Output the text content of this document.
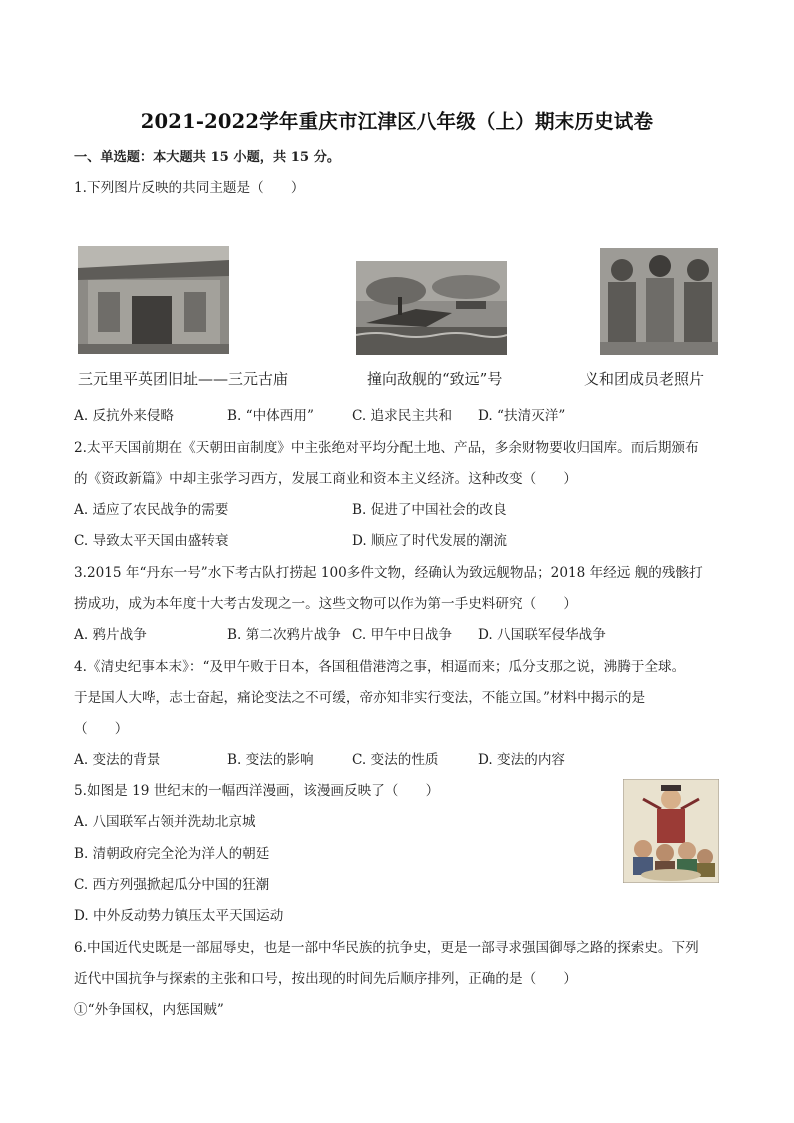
2021-2022学年重庆市江津区八年级（上）期末历史试卷
一、单选题：本大题共 15 小题，共 15 分。
1.下列图片反映的共同主题是（　　）
三元里平英团旧址——三元古庙	撞向敌舰的“致远”号	义和团成员老照片
A. 反抗外来侵略	B. “中体西用”	C. 追求民主共和 D. “扶清灭洋”
2.太平天国前期在《天朝田亩制度》中主张绝对平均分配土地、产品，多余财物要收归国库。而后期颁布
的《资政新篇》中却主张学习西方，发展工商业和资本主义经济。这种改变（　　）
A. 适应了农民战争的需要	B. 促进了中国社会的改良
C. 导致太平天国由盛转衰	D. 顺应了时代发展的潮流
3.2015 年“丹东一号”水下考古队打捞起 100多件文物，经确认为致远舰物品；2018 年经远 舰的残骸打
捞成功，成为本年度十大考古发现之一。这些文物可以作为第一手史料研究（　　）
A. 鸦片战争	B. 第二次鸦片战争 C. 甲午中日战争 D. 八国联军侵华战争
4.《清史纪事本末》：“及甲午败于日本，各国租借港湾之事，相逼而来；瓜分支那之说，沸腾于全球。
于是国人大哗，志士奋起，痛论变法之不可缓，帝亦知非实行变法，不能立国。”材料中揭示的是
（　　）
A. 变法的背景	B. 变法的影响	C. 变法的性质	D. 变法的内容
5.如图是 19 世纪末的一幅西洋漫画，该漫画反映了（　　）
A. 八国联军占领并洗劫北京城
B. 清朝政府完全沦为洋人的朝廷
C. 西方列强掀起瓜分中国的狂潮
D. 中外反动势力镇压太平天国运动
6.中国近代史既是一部屈辱史，也是一部中华民族的抗争史，更是一部寻求强国御辱之路的探索史。下列
近代中国抗争与探索的主张和口号，按出现的时间先后顺序排列，正确的是（　　）
①“外争国权，内惩国贼”
